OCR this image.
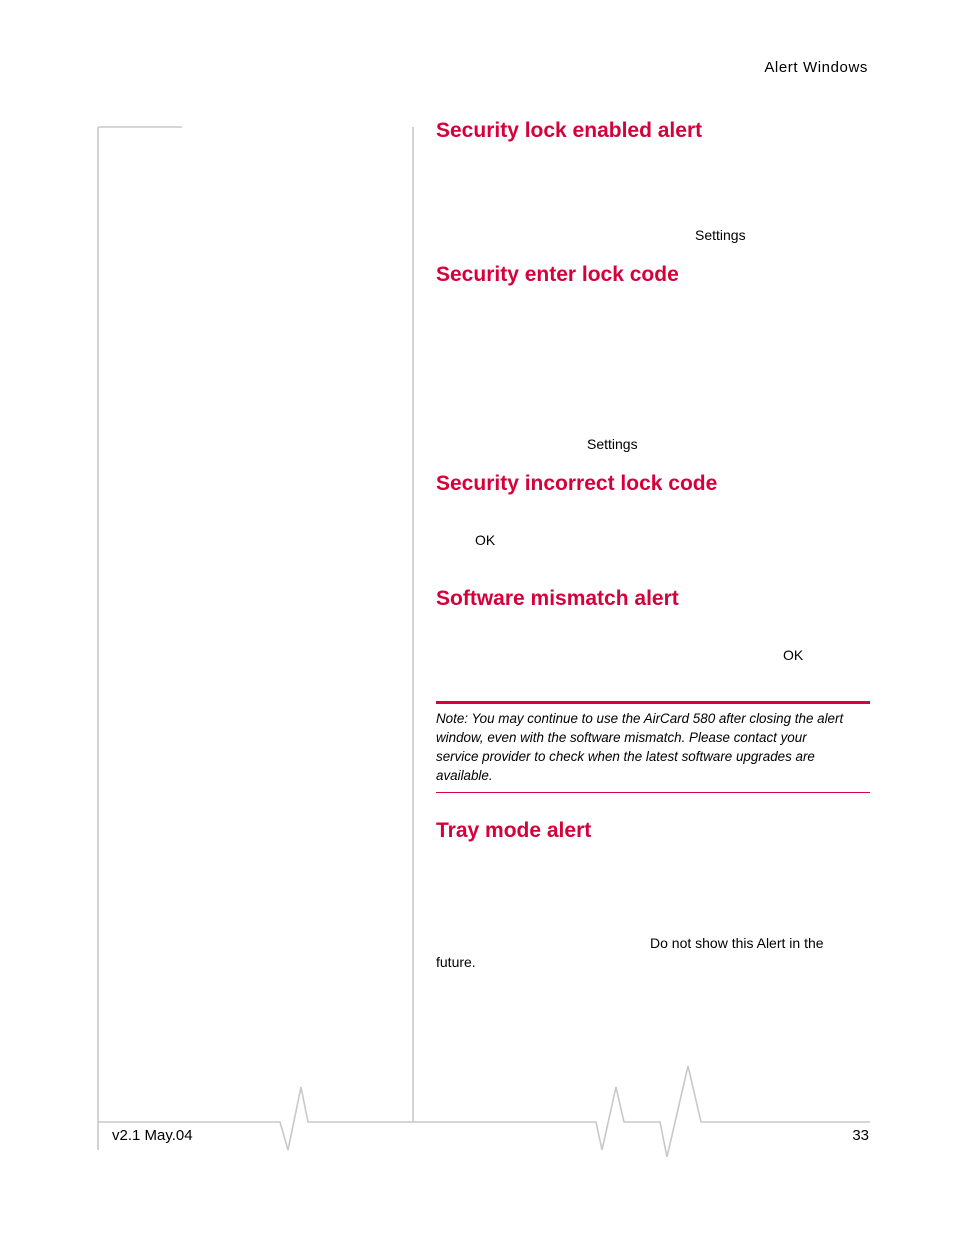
Alert Windows
Security lock enabled alert
Settings
Security enter lock code
Settings
Security incorrect lock code
OK
Software mismatch alert
OK
Note: You may continue to use the AirCard 580 after closing the alert
window, even with the software mismatch. Please contact your
service provider to check when the latest software upgrades are
available.
Tray mode alert
Do not show this Alert in the
future.
v2.1 May.04	33
